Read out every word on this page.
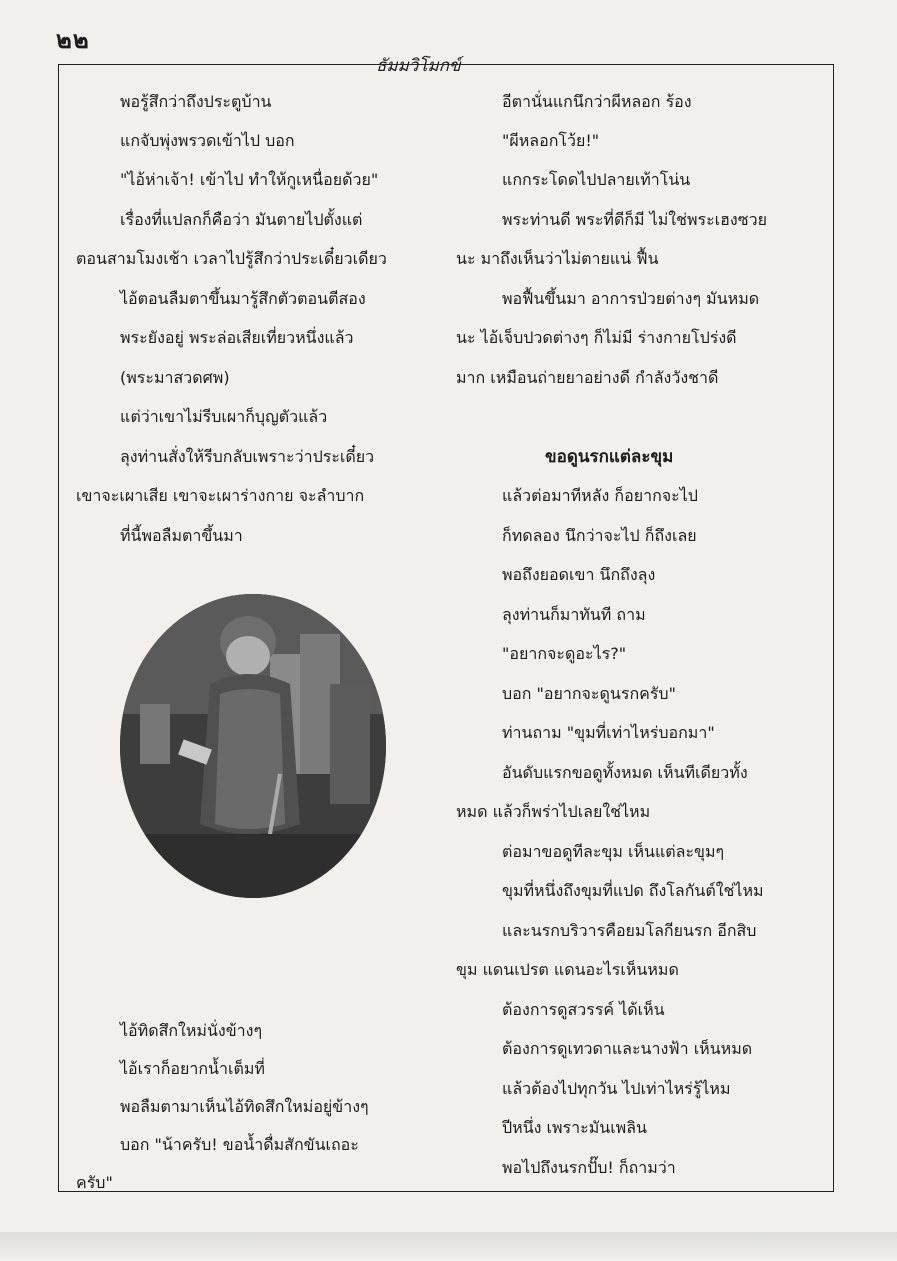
๒๒
ธัมมวิโมกข์
พอรู้สึกว่าถึงประตูบ้าน
แกจับพุ่งพรวดเข้าไป บอก
"ไอ้ห่าเจ้า! เข้าไป ทำให้กูเหนื่อยด้วย"
เรื่องที่แปลกก็คือว่า มันตายไปตั้งแต่
ตอนสามโมงเช้า เวลาไปรู้สึกว่าประเดี๋ยวเดียว
ไอ้ตอนลืมตาขึ้นมารู้สึกตัวตอนตีสอง
พระยังอยู่ พระล่อเสียเที่ยวหนึ่งแล้ว
(พระมาสวดศพ)
แต่ว่าเขาไม่รีบเผาก็บุญตัวแล้ว
ลุงท่านสั่งให้รีบกลับเพราะว่าประเดี๋ยว
เขาจะเผาเสีย เขาจะเผาร่างกาย จะลำบาก
ที่นี้พอลืมตาขึ้นมา
ไอ้ทิดสึกใหม่นั่งข้างๆ
ไอ้เราก็อยากน้ำเต็มที่
พอลืมตามาเห็นไอ้ทิดสึกใหม่อยู่ข้างๆ
บอก "น้าครับ! ขอน้ำดื่มสักขันเถอะ
ครับ"
อีตานั่นแกนึกว่าผีหลอก ร้อง
"ผีหลอกโว้ย!"
แกกระโดดไปปลายเท้าโน่น
พระท่านดี พระที่ดีก็มี ไม่ใช่พระเฮงซวย
นะ มาถึงเห็นว่าไม่ตายแน่ ฟื้น
พอฟื้นขึ้นมา อาการป่วยต่างๆ มันหมด
นะ ไอ้เจ็บปวดต่างๆ ก็ไม่มี ร่างกายโปร่งดี
มาก เหมือนถ่ายยาอย่างดี กำลังวังชาดี
ขอดูนรกแต่ละขุม
แล้วต่อมาทีหลัง ก็อยากจะไป
ก็ทดลอง นึกว่าจะไป ก็ถึงเลย
พอถึงยอดเขา นึกถึงลุง
ลุงท่านก็มาทันที ถาม
"อยากจะดูอะไร?"
บอก "อยากจะดูนรกครับ"
ท่านถาม "ขุมที่เท่าไหร่บอกมา"
อันดับแรกขอดูทั้งหมด เห็นทีเดียวทั้ง
หมด แล้วก็พร่าไปเลยใช่ไหม
ต่อมาขอดูทีละขุม เห็นแต่ละขุมๆ
ขุมที่หนึ่งถึงขุมที่แปด ถึงโลกันต์ใช่ไหม
และนรกบริวารคือยมโลกียนรก อีกสิบ
ขุม แดนเปรต แดนอะไรเห็นหมด
ต้องการดูสวรรค์ ได้เห็น
ต้องการดูเทวดาและนางฟ้า เห็นหมด
แล้วต้องไปทุกวัน ไปเท่าไหร่รู้ไหม
ปีหนึ่ง เพราะมันเพลิน
พอไปถึงนรกปั๊บ! ก็ถามว่า
